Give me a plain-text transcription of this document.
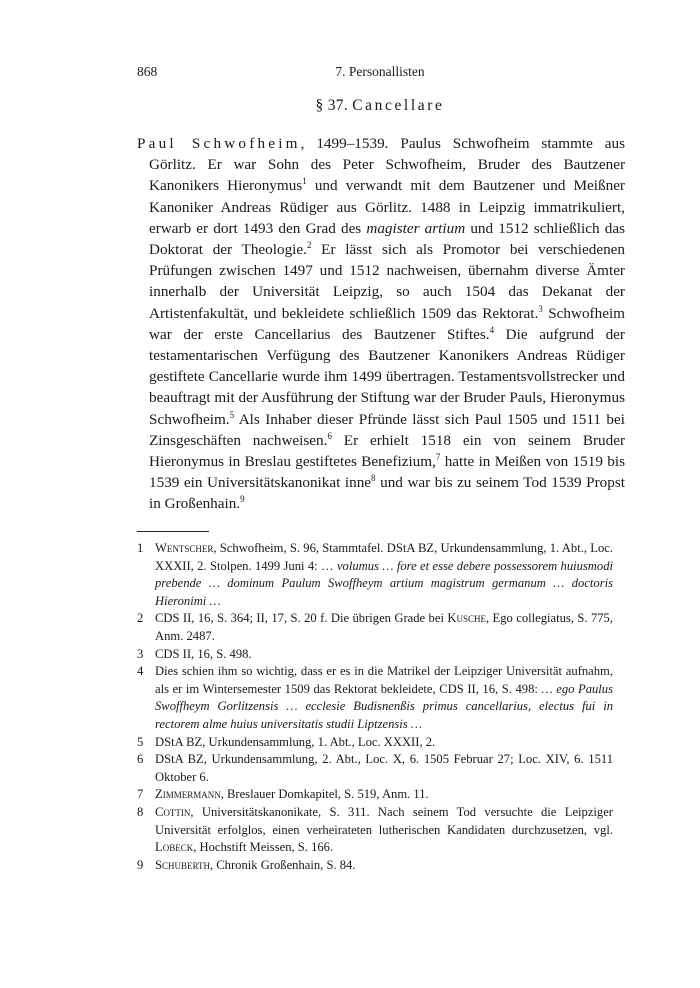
868	7. Personallisten
§ 37. Cancellare
Paul Schwofheim, 1499–1539. Paulus Schwofheim stammte aus Görlitz. Er war Sohn des Peter Schwofheim, Bruder des Bautzener Kanonikers Hieronymus$^1$ und verwandt mit dem Bautzener und Meißner Kanoniker Andreas Rüdiger aus Görlitz. 1488 in Leipzig immatrikuliert, erwarb er dort 1493 den Grad des magister artium und 1512 schließlich das Doktorat der Theologie.$^2$ Er lässt sich als Promotor bei verschiedenen Prüfungen zwischen 1497 und 1512 nachweisen, übernahm diverse Ämter innerhalb der Universität Leipzig, so auch 1504 das Dekanat der Artistenfakultät, und bekleidete schließlich 1509 das Rektorat.$^3$ Schwofheim war der erste Cancellarius des Bautzener Stiftes.$^4$ Die aufgrund der testamentarischen Verfügung des Bautzener Kanonikers Andreas Rüdiger gestiftete Cancellarie wurde ihm 1499 übertragen. Testamentsvollstrecker und beauftragt mit der Ausführung der Stiftung war der Bruder Pauls, Hieronymus Schwofheim.$^5$ Als Inhaber dieser Pfründe lässt sich Paul 1505 und 1511 bei Zinsgeschäften nachweisen.$^6$ Er erhielt 1518 ein von seinem Bruder Hieronymus in Breslau gestiftetes Benefizium,$^7$ hatte in Meißen von 1519 bis 1539 ein Universitätskanonikat inne$^8$ und war bis zu seinem Tod 1539 Propst in Großenhain.$^9$
1 Wentscher, Schwofheim, S. 96, Stammtafel. DStA BZ, Urkundensammlung, 1. Abt., Loc. XXXII, 2. Stolpen. 1499 Juni 4: … volumus … fore et esse debere possessorem huiusmodi prebende … dominum Paulum Swoffheym artium magistrum germanum … doctoris Hieronimi …
2 CDS II, 16, S. 364; II, 17, S. 20 f. Die übrigen Grade bei Kusche, Ego collegiatus, S. 775, Anm. 2487.
3 CDS II, 16, S. 498.
4 Dies schien ihm so wichtig, dass er es in die Matrikel der Leipziger Universität aufnahm, als er im Wintersemester 1509 das Rektorat bekleidete, CDS II, 16, S. 498: … ego Paulus Swoffheym Gorlitzensis … ecclesie Budisnenßis primus cancellarius, electus fui in rectorem alme huius universitatis studii Liptzensis …
5 DStA BZ, Urkundensammlung, 1. Abt., Loc. XXXII, 2.
6 DStA BZ, Urkundensammlung, 2. Abt., Loc. X, 6. 1505 Februar 27; Loc. XIV, 6. 1511 Oktober 6.
7 Zimmermann, Breslauer Domkapitel, S. 519, Anm. 11.
8 Cottin, Universitätskanonikate, S. 311. Nach seinem Tod versuchte die Leipziger Universität erfolglos, einen verheirateten lutherischen Kandidaten durchzusetzen, vgl. Lobeck, Hochstift Meissen, S. 166.
9 Schuberth, Chronik Großenhain, S. 84.
